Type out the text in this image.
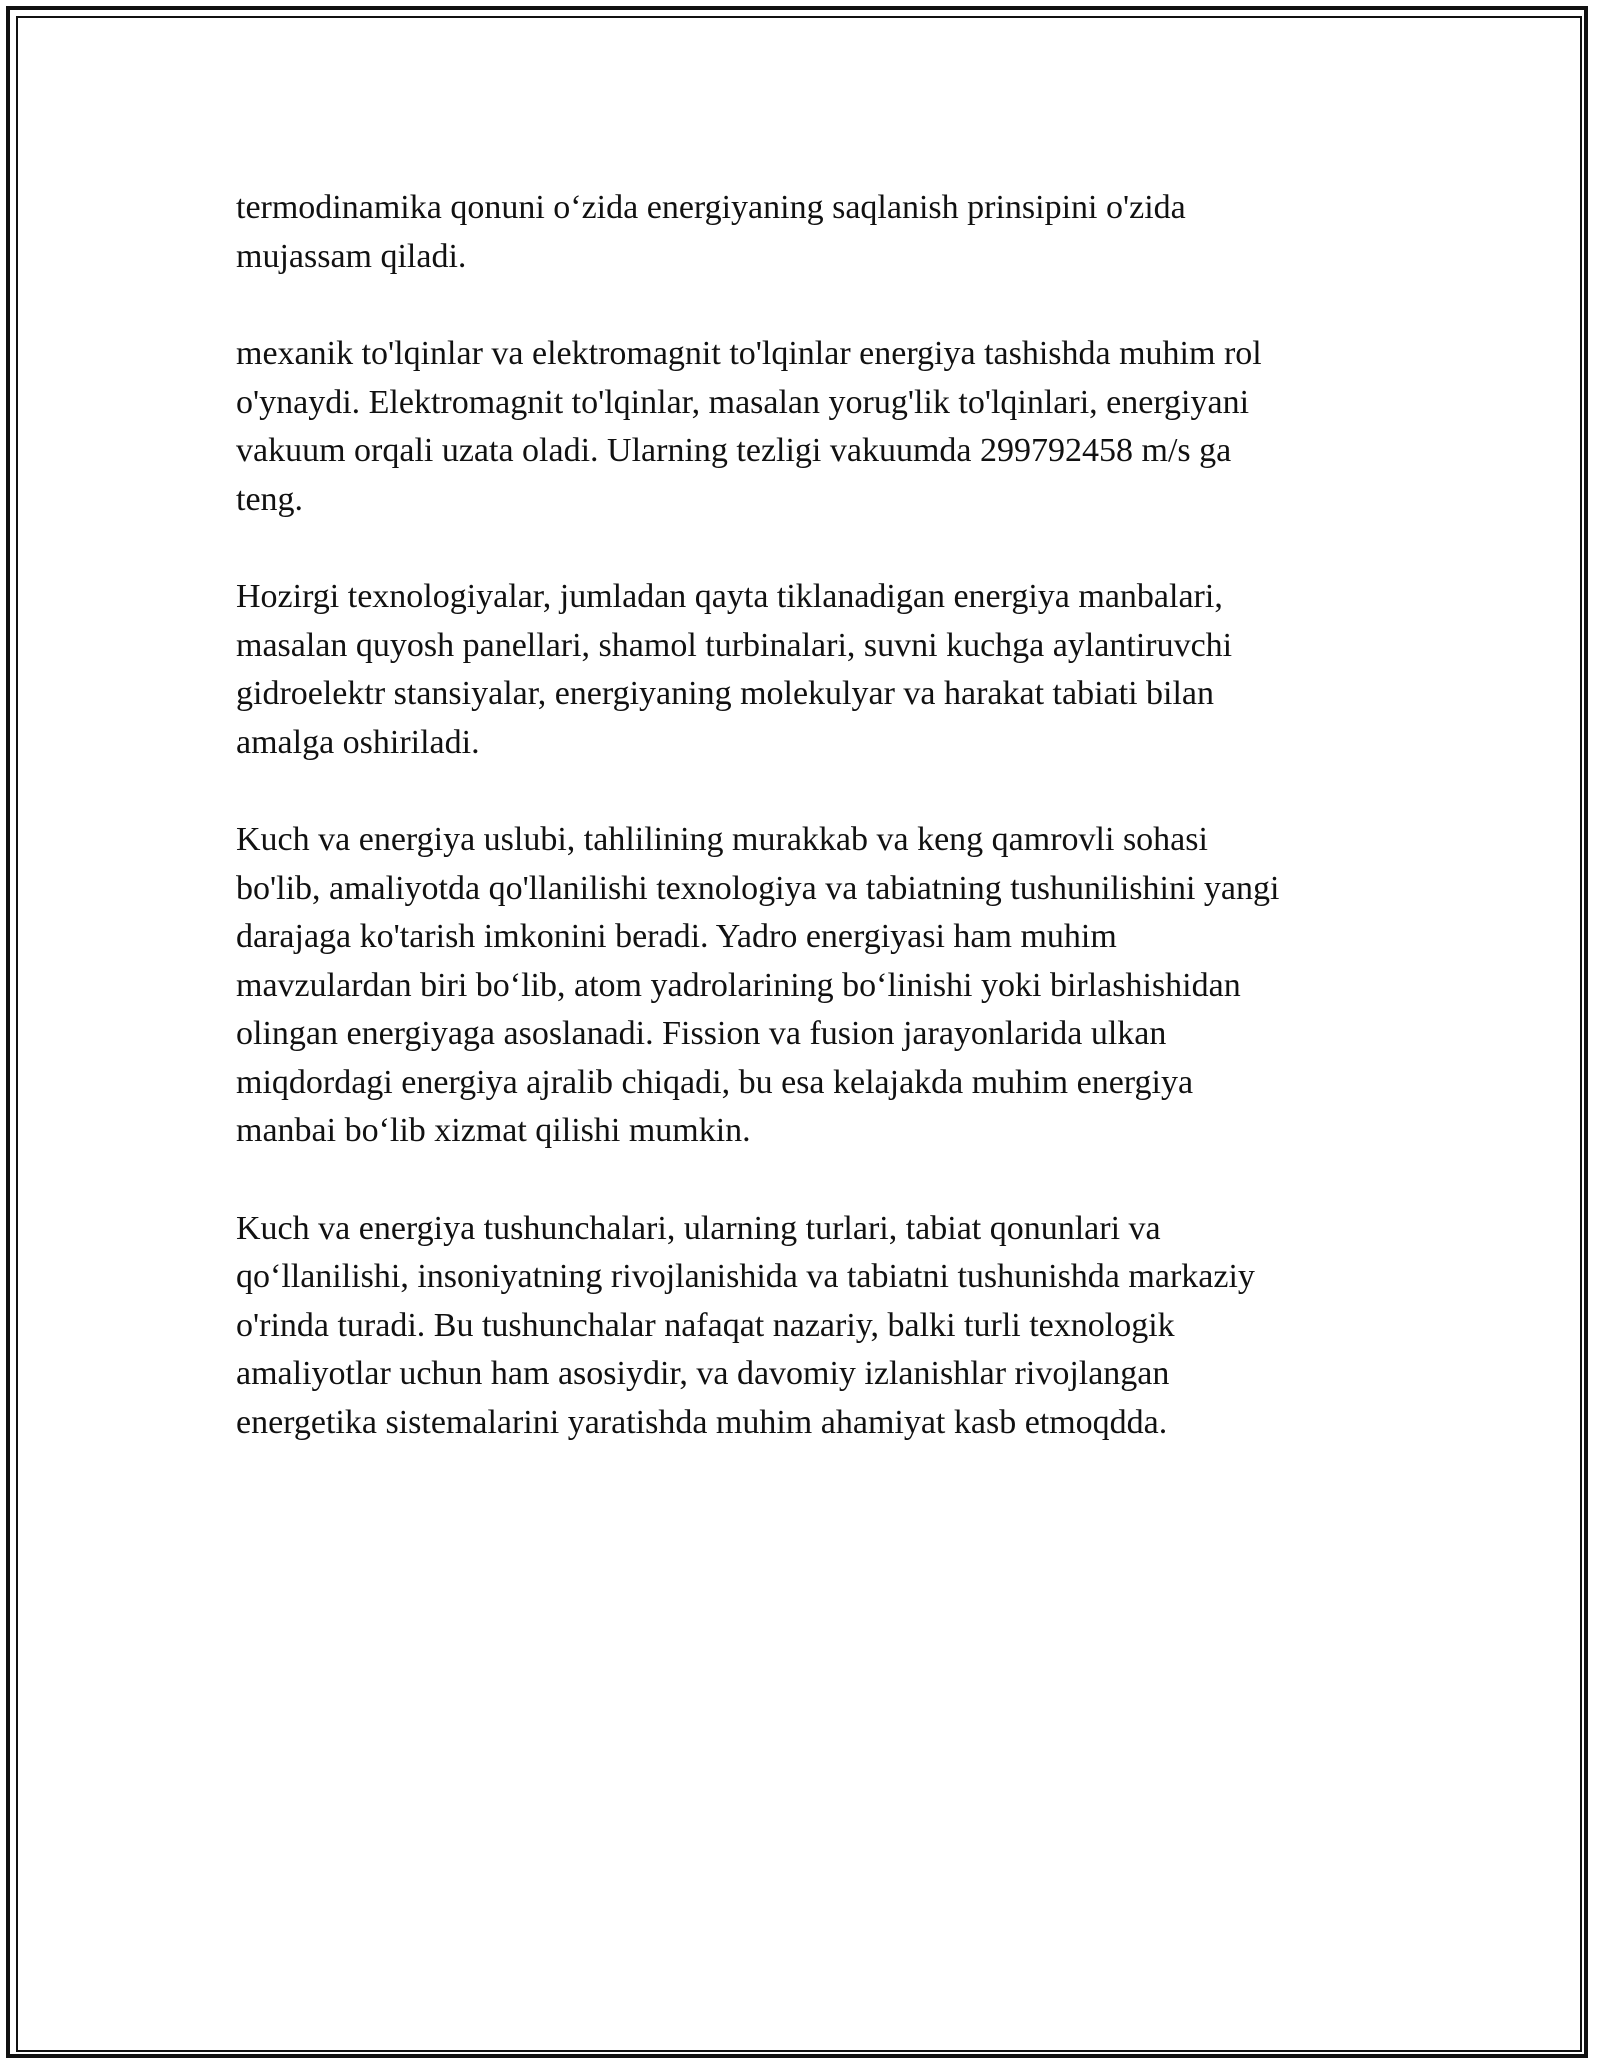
termodinamika qonuni o‘zida energiyaning saqlanish prinsipini o'zida
mujassam qiladi.

mexanik to'lqinlar va elektromagnit to'lqinlar energiya tashishda muhim rol
o'ynaydi. Elektromagnit to'lqinlar, masalan yorug'lik to'lqinlari, energiyani
vakuum orqali uzata oladi. Ularning tezligi vakuumda 299792458 m/s ga
teng.

Hozirgi texnologiyalar, jumladan qayta tiklanadigan energiya manbalari,
masalan quyosh panellari, shamol turbinalari, suvni kuchga aylantiruvchi
gidroelektr stansiyalar, energiyaning molekulyar va harakat tabiati bilan
amalga oshiriladi.

Kuch va energiya uslubi, tahlilining murakkab va keng qamrovli sohasi
bo'lib, amaliyotda qo'llanilishi texnologiya va tabiatning tushunilishini yangi
darajaga ko'tarish imkonini beradi. Yadro energiyasi ham muhim
mavzulardan biri bo‘lib, atom yadrolarining bo‘linishi yoki birlashishidan
olingan energiyaga asoslanadi. Fission va fusion jarayonlarida ulkan
miqdordagi energiya ajralib chiqadi, bu esa kelajakda muhim energiya
manbai bo‘lib xizmat qilishi mumkin.

Kuch va energiya tushunchalari, ularning turlari, tabiat qonunlari va
qo‘llanilishi, insoniyatning rivojlanishida va tabiatni tushunishda markaziy
o'rinda turadi. Bu tushunchalar nafaqat nazariy, balki turli texnologik
amaliyotlar uchun ham asosiydir, va davomiy izlanishlar rivojlangan
energetika sistemalarini yaratishda muhim ahamiyat kasb etmoqdda.
